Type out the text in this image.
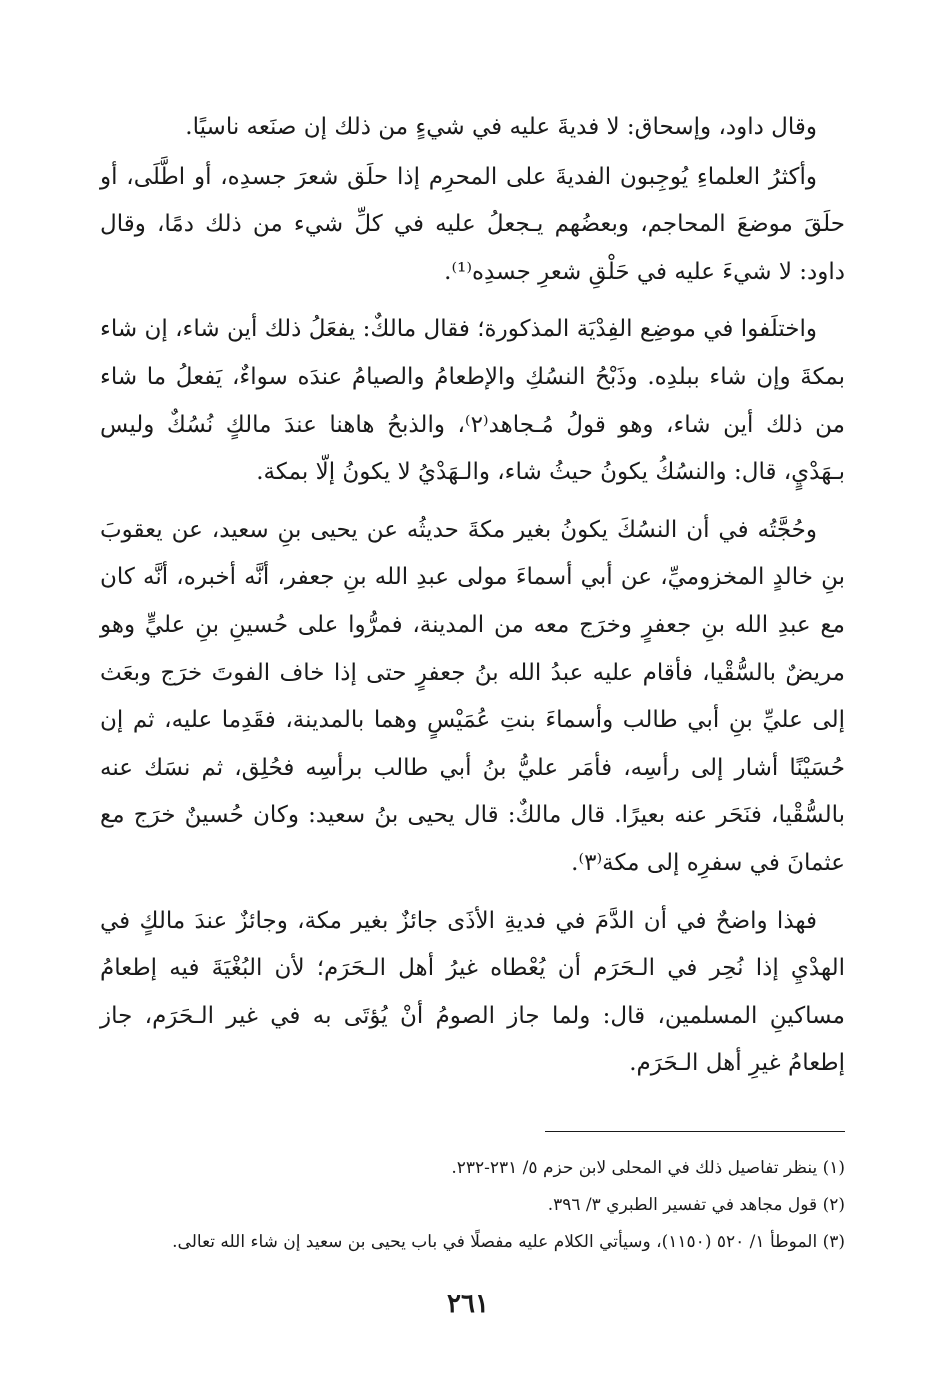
وقال داود، وإسحاق: لا فديةَ عليه في شيءٍ من ذلك إن صنَعه ناسيًا.

وأكثرُ العلماءِ يُوجِبون الفديةَ على المحرِم إذا حلَق شعرَ جسدِه، أو اطَّلَى، أو حلَقَ موضعَ المحاجم، وبعضُهم يـجعلُ عليه في كلِّ شيء من ذلك دمًا، وقال داود: لا شيءَ عليه في حَلْقِ شعرِ جسدِه⁽¹⁾.

واختلَفوا في موضِع الفِدْيَة المذكورة؛ فقال مالكٌ: يفعَلُ ذلك أين شاء، إن شاء بمكةَ وإن شاء ببلدِه. وذَبْحُ النسُكِ والإطعامُ والصيامُ عندَه سواءٌ، يَفعلُ ما شاء من ذلك أين شاء، وهو قولُ مُـجاهد⁽٢⁾، والذبحُ هاهنا عندَ مالكٍ نُسُكٌ وليس بـهَدْيٍ، قال: والنسُكُ يكونُ حيثُ شاء، والـهَدْيُ لا يكونُ إلّا بمكة.

وحُجَّتُه في أن النسُكَ يكونُ بغير مكةَ حديثُه عن يحيى بنِ سعيد، عن يعقوبَ بنِ خالدٍ المخزوميِّ، عن أبي أسماءَ مولى عبدِ الله بنِ جعفر، أنَّه أخبره، أنَّه كان مع عبدِ الله بنِ جعفرٍ وخرَج معه من المدينة، فمرُّوا على حُسينِ بنِ عليٍّ وهو مريضٌ بالسُّقْيا، فأقام عليه عبدُ الله بنُ جعفرٍ حتى إذا خاف الفوتَ خرَج وبعَث إلى عليِّ بنِ أبي طالب وأسماءَ بنتِ عُمَيْسٍ وهما بالمدينة، فقَدِما عليه، ثم إن حُسَيْنًا أشار إلى رأسِه، فأمَر عليُّ بنُ أبي طالب برأسِه فحُلِق، ثم نسَك عنه بالسُّقْيا، فنَحَر عنه بعيرًا. قال مالكٌ: قال يحيى بنُ سعيد: وكان حُسينٌ خرَج مع عثمانَ في سفرِه إلى مكة⁽٣⁾.

فهذا واضحٌ في أن الدَّمَ في فديةِ الأذَى جائزٌ بغير مكة، وجائزٌ عندَ مالكٍ في الهدْيِ إذا نُحِر في الـحَرَم أن يُعْطاه غيرُ أهل الـحَرَم؛ لأن البُغْيَةَ فيه إطعامُ مساكينِ المسلمين، قال: ولما جاز الصومُ أنْ يُؤتَى به في غير الـحَرَم، جاز إطعامُ غيرِ أهل الـحَرَم.

(١) ينظر تفاصيل ذلك في المحلى لابن حزم ٥/ ٢٣١-٢٣٢.
(٢) قول مجاهد في تفسير الطبري ٣/ ٣٩٦.
(٣) الموطأ ١/ ٥٢٠ (١١٥٠)، وسيأتي الكلام عليه مفصلًا في باب يحيى بن سعيد إن شاء الله تعالى.
٢٦١
